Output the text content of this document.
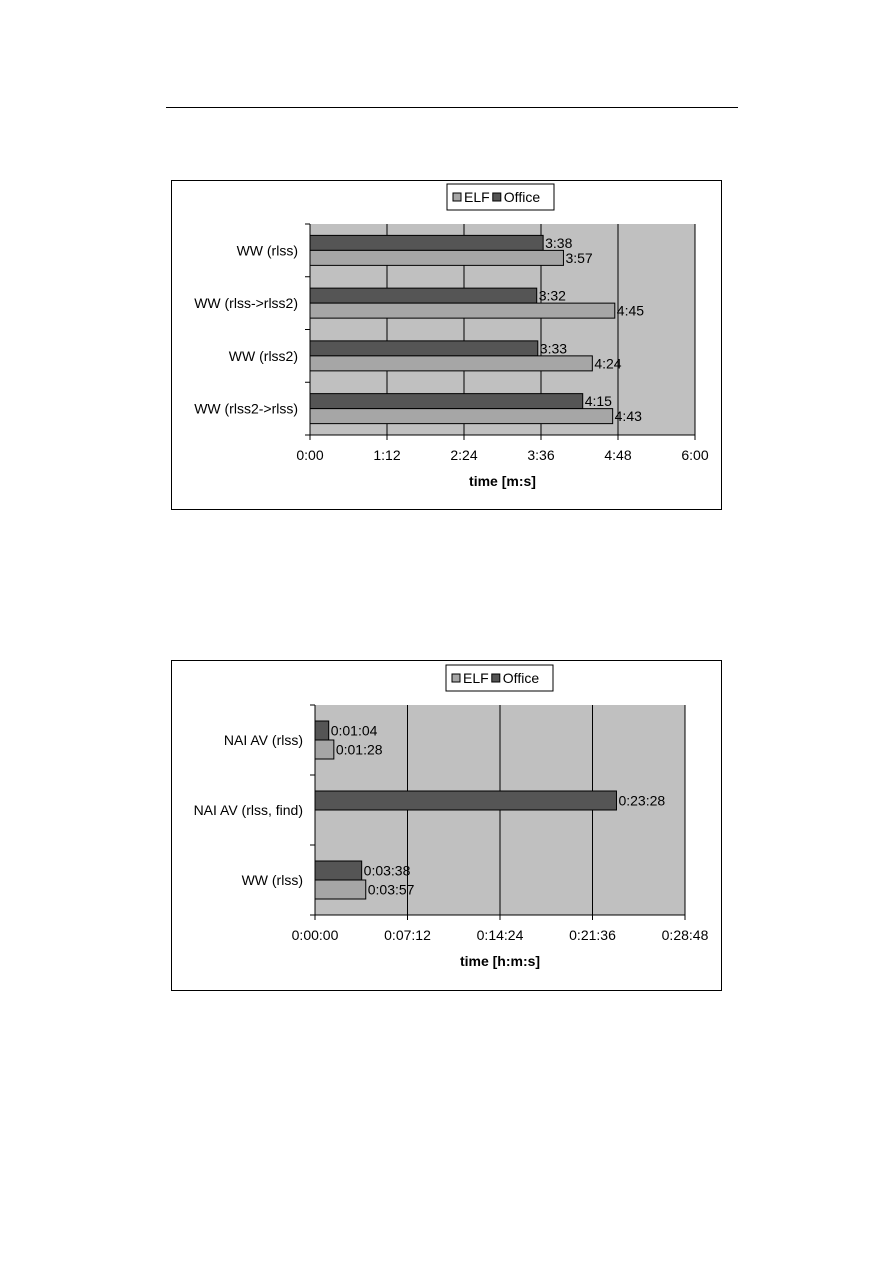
ELF Office
0:00	1:12	2:24	3:36	4:48	6:00
time [m:s]
WW (rlss)	3:38
3:57
WW (rlss->rlss2)	3:32
4:45
WW (rlss2)	3:33
4:24
WW (rlss2->rlss)	4:15
4:43
ELF Office
0:00:00	0:07:12	0:14:24	0:21:36	0:28:48
time [h:m:s]
NAI AV (rlss)
0:01:04
0:01:28
NAI AV (rlss, find)
0:23:28
WW (rlss)
0:03:38
0:03:57
